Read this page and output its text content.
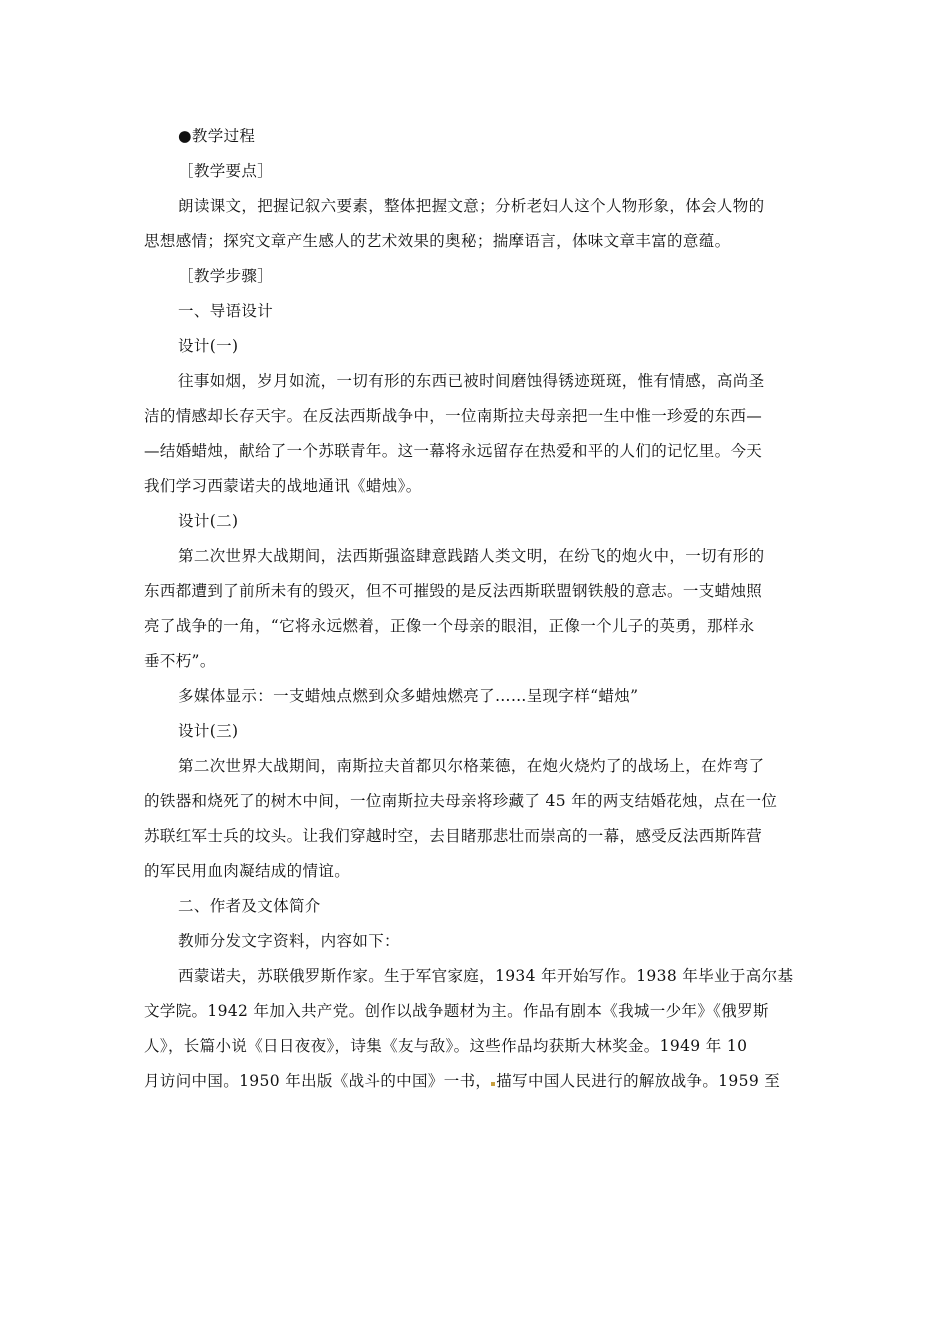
●教学过程
［教学要点］
朗读课文，把握记叙六要素，整体把握文意；分析老妇人这个人物形象，体会人物的
思想感情；探究文章产生感人的艺术效果的奥秘；揣摩语言，体味文章丰富的意蕴。
［教学步骤］
一、导语设计
设计(一)
往事如烟，岁月如流，一切有形的东西已被时间磨蚀得锈迹斑斑，惟有情感，高尚圣
洁的情感却长存天宇。在反法西斯战争中，一位南斯拉夫母亲把一生中惟一珍爱的东西—
—结婚蜡烛，献给了一个苏联青年。这一幕将永远留存在热爱和平的人们的记忆里。今天
我们学习西蒙诺夫的战地通讯《蜡烛》。
设计(二)
第二次世界大战期间，法西斯强盗肆意践踏人类文明，在纷飞的炮火中，一切有形的
东西都遭到了前所未有的毁灭，但不可摧毁的是反法西斯联盟钢铁般的意志。一支蜡烛照
亮了战争的一角，“它将永远燃着，正像一个母亲的眼泪，正像一个儿子的英勇，那样永
垂不朽”。
多媒体显示：一支蜡烛点燃到众多蜡烛燃亮了……呈现字样“蜡烛”
设计(三)
第二次世界大战期间，南斯拉夫首都贝尔格莱德，在炮火烧灼了的战场上，在炸弯了
的铁器和烧死了的树木中间，一位南斯拉夫母亲将珍藏了 45 年的两支结婚花烛，点在一位
苏联红军士兵的坟头。让我们穿越时空，去目睹那悲壮而崇高的一幕，感受反法西斯阵营
的军民用血肉凝结成的情谊。
二、作者及文体简介
教师分发文字资料，内容如下：
西蒙诺夫，苏联俄罗斯作家。生于军官家庭，1934 年开始写作。1938 年毕业于高尔基
文学院。1942 年加入共产党。创作以战争题材为主。作品有剧本《我城一少年》《俄罗斯
人》，长篇小说《日日夜夜》，诗集《友与敌》。这些作品均获斯大林奖金。1949 年 10
月访问中国。1950 年出版《战斗的中国》一书， 描写中国人民进行的解放战争。1959 至
